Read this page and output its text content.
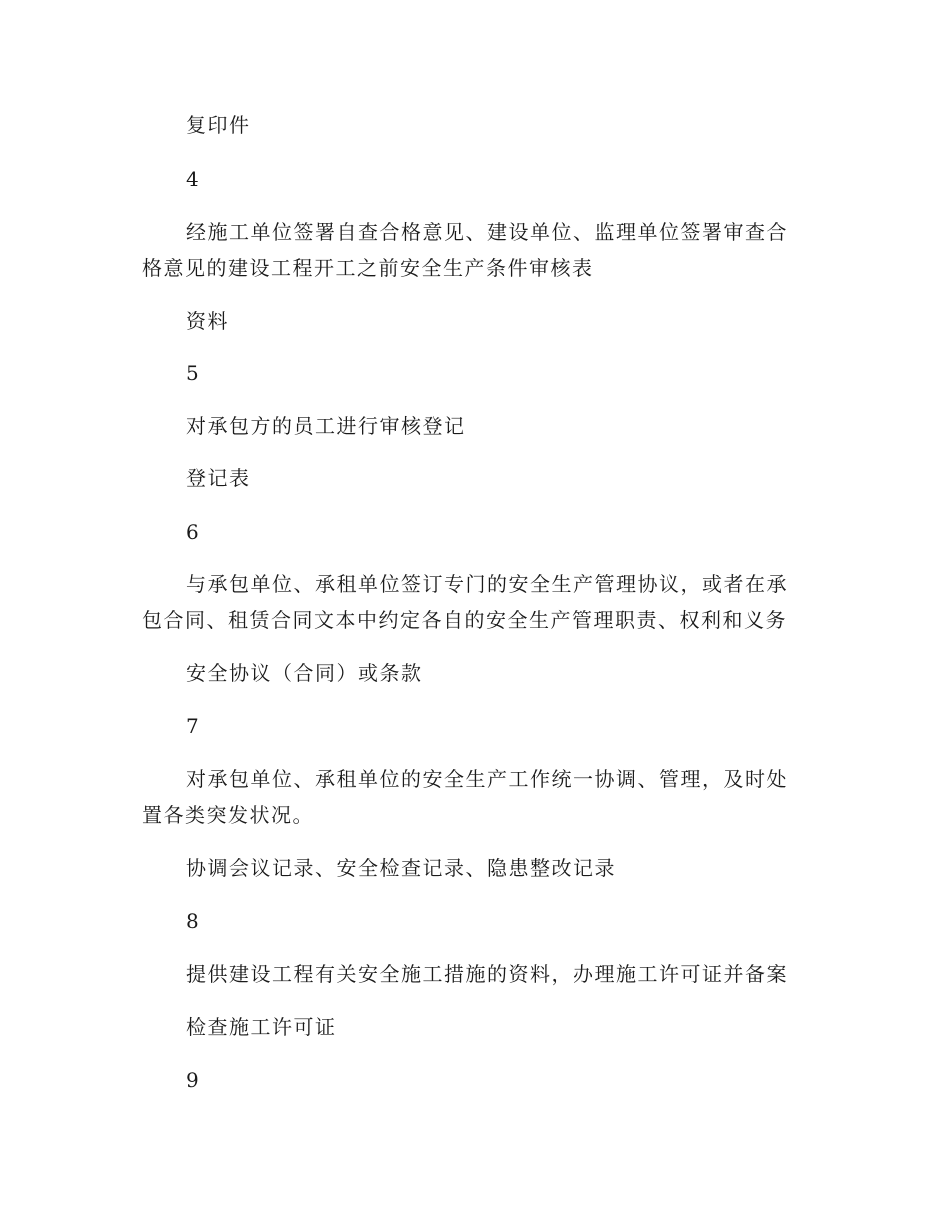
复印件

4

经施工单位签署自查合格意见、建设单位、监理单位签署审查合格意见的建设工程开工之前安全生产条件审核表

资料

5

对承包方的员工进行审核登记

登记表

6

与承包单位、承租单位签订专门的安全生产管理协议，或者在承包合同、租赁合同文本中约定各自的安全生产管理职责、权利和义务

安全协议（合同）或条款

7

对承包单位、承租单位的安全生产工作统一协调、管理，及时处置各类突发状况。

协调会议记录、安全检查记录、隐患整改记录

8

提供建设工程有关安全施工措施的资料，办理施工许可证并备案

检查施工许可证

9
